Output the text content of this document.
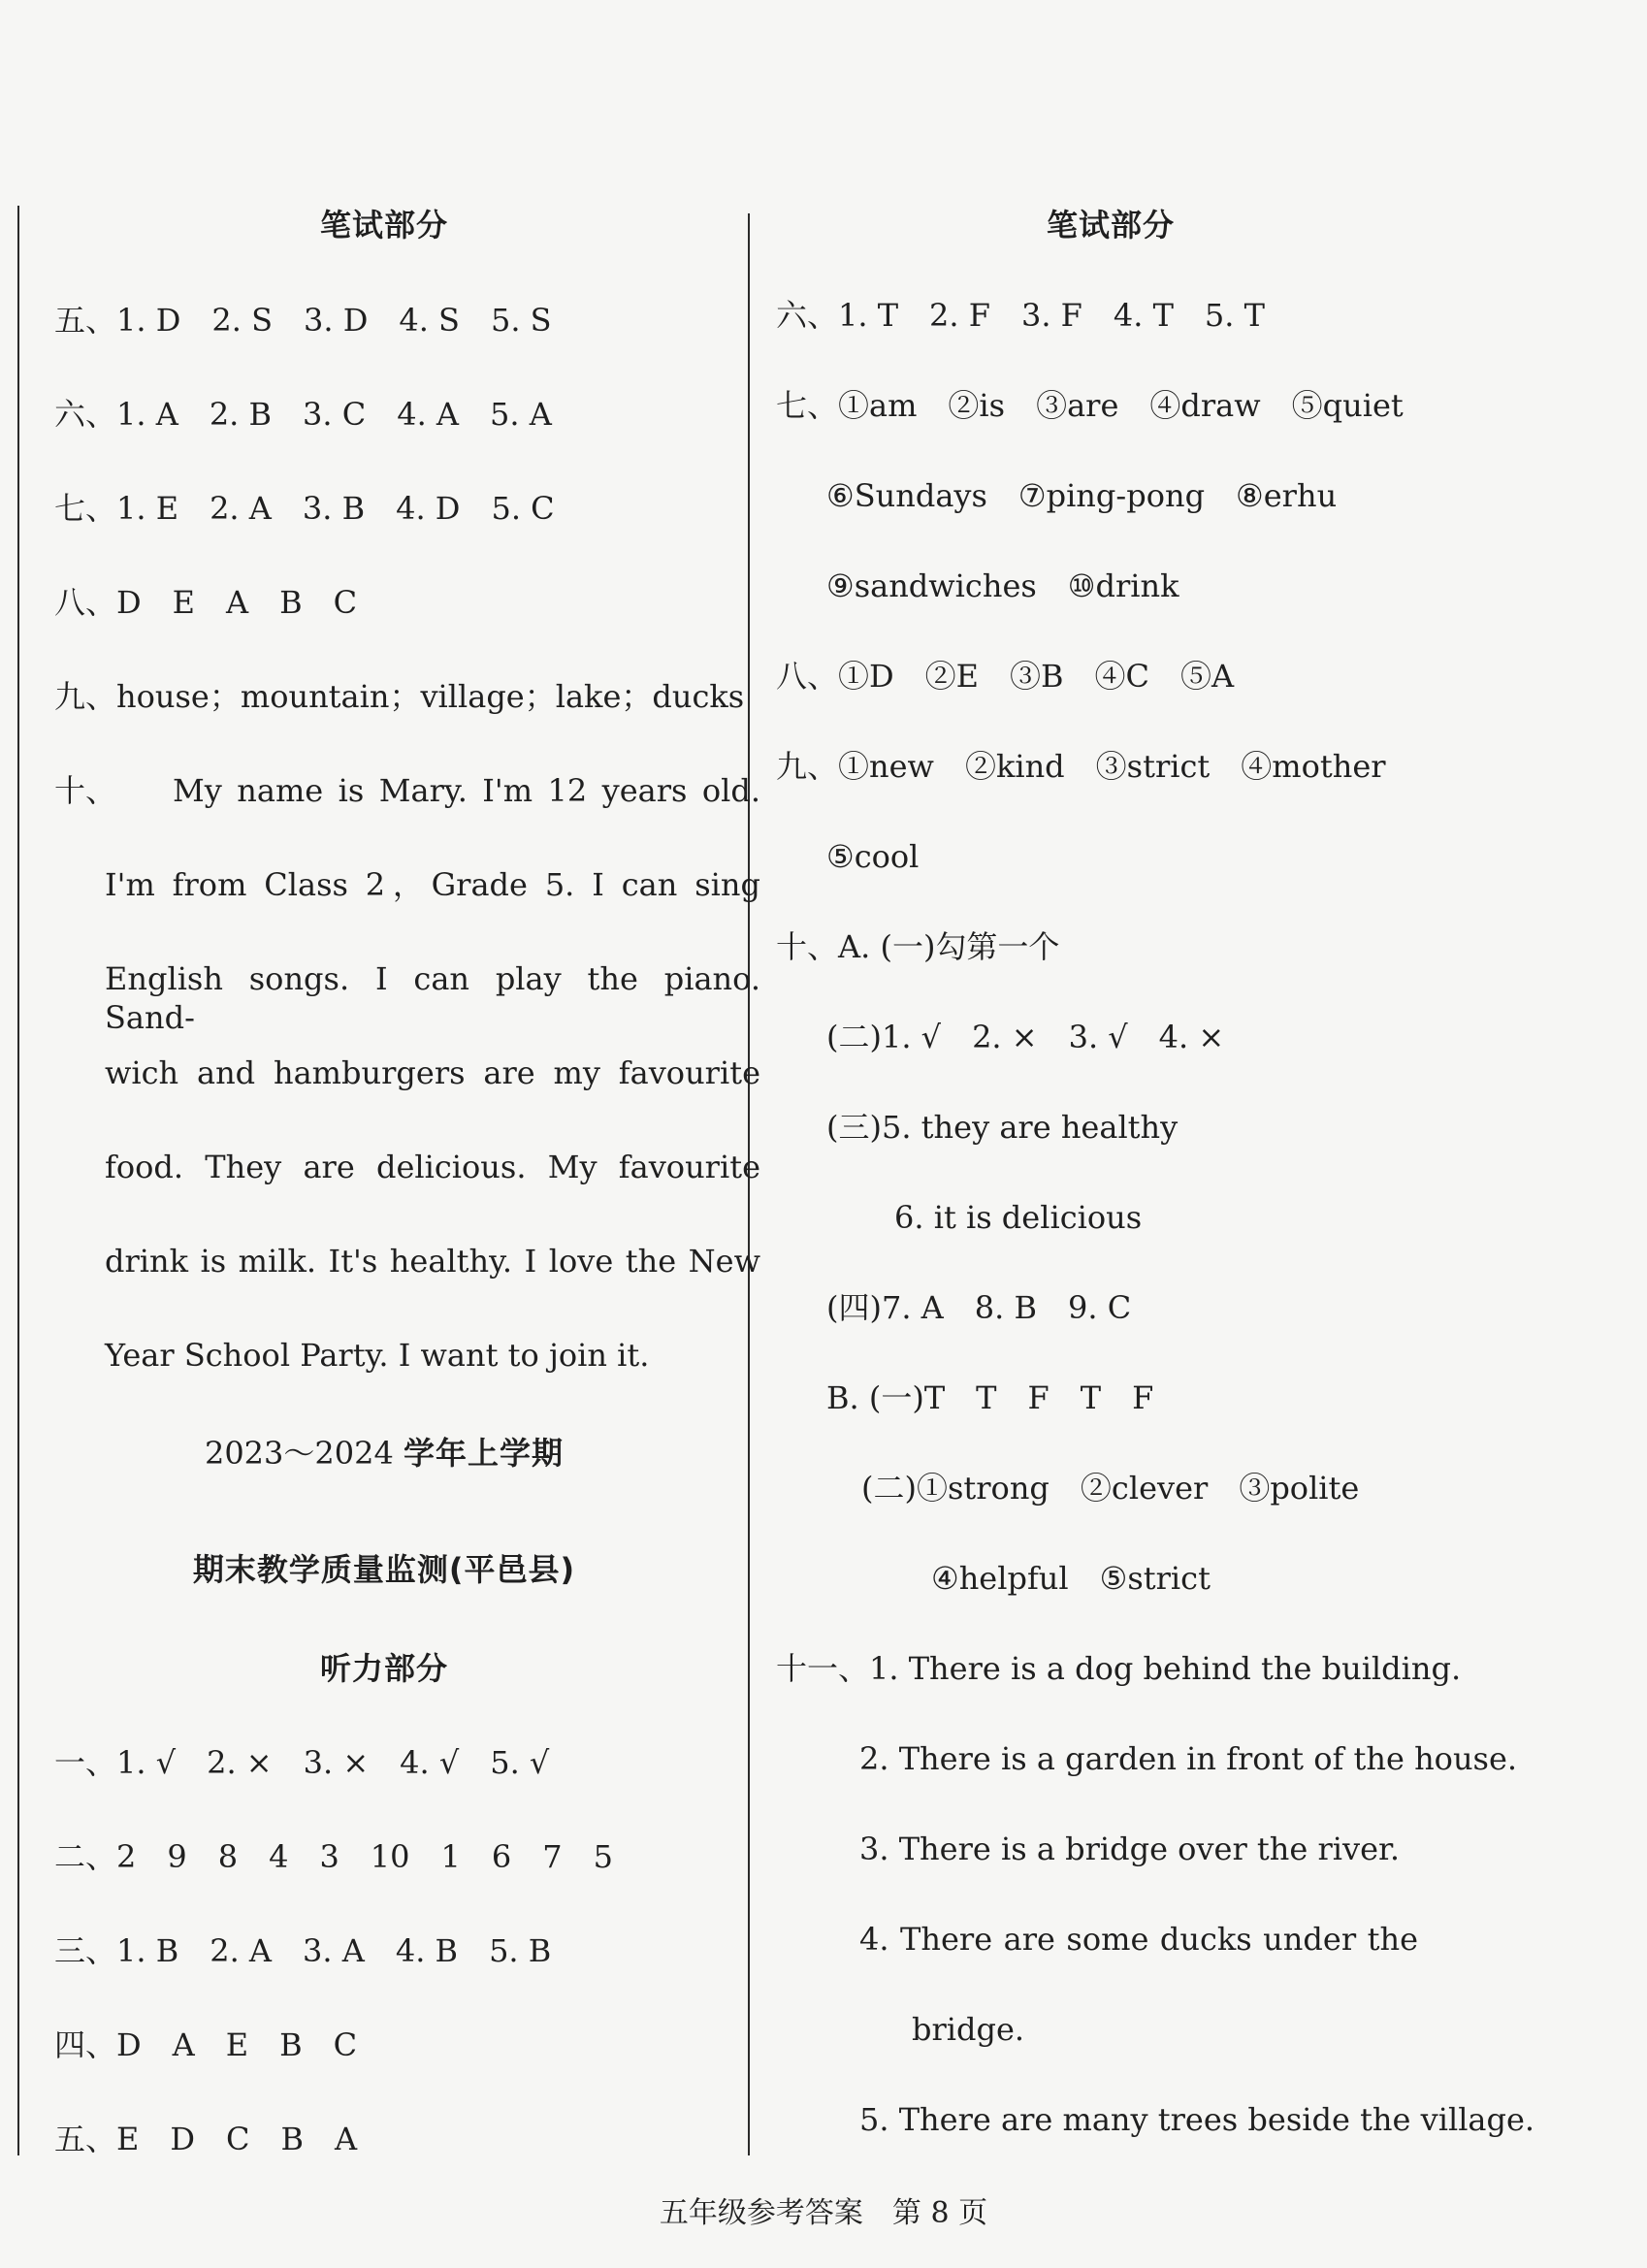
笔试部分
五、1. D　2. S　3. D　4. S　5. S
六、1. A　2. B　3. C　4. A　5. A
七、1. E　2. A　3. B　4. D　5. C
八、D　E　A　B　C
九、house；mountain；village；lake；ducks
十、 My name is Mary. I'm 12 years old.
I'm from Class 2，Grade 5. I can sing
English songs. I can play the piano. Sand-
wich and hamburgers are my favourite
food. They are delicious. My favourite
drink is milk. It's healthy. I love the New
Year School Party. I want to join it.
2023～2024 学年上学期
期末教学质量监测(平邑县)
听力部分
一、1. √　2. ×　3. ×　4. √　5. √
二、2　9　8　4　3　10　1　6　7　5
三、1. B　2. A　3. A　4. B　5. B
四、D　A　E　B　C
五、E　D　C　B　A
笔试部分
六、1. T　2. F　3. F　4. T　5. T
七、①am　②is　③are　④draw　⑤quiet
⑥Sundays　⑦ping-pong　⑧erhu
⑨sandwiches　⑩drink
八、①D　②E　③B　④C　⑤A
九、①new　②kind　③strict　④mother
⑤cool
十、A. (一)勾第一个
(二)1. √　2. ×　3. √　4. ×
(三)5. they are healthy
6. it is delicious
(四)7. A　8. B　9. C
B. (一)T　T　F　T　F
(二)①strong　②clever　③polite
④helpful　⑤strict
十一、1. There is a dog behind the building.
2. There is a garden in front of the house.
3. There is a bridge over the river.
4. There are some ducks under the
bridge.
5. There are many trees beside the village.
五年级参考答案　第 8 页
